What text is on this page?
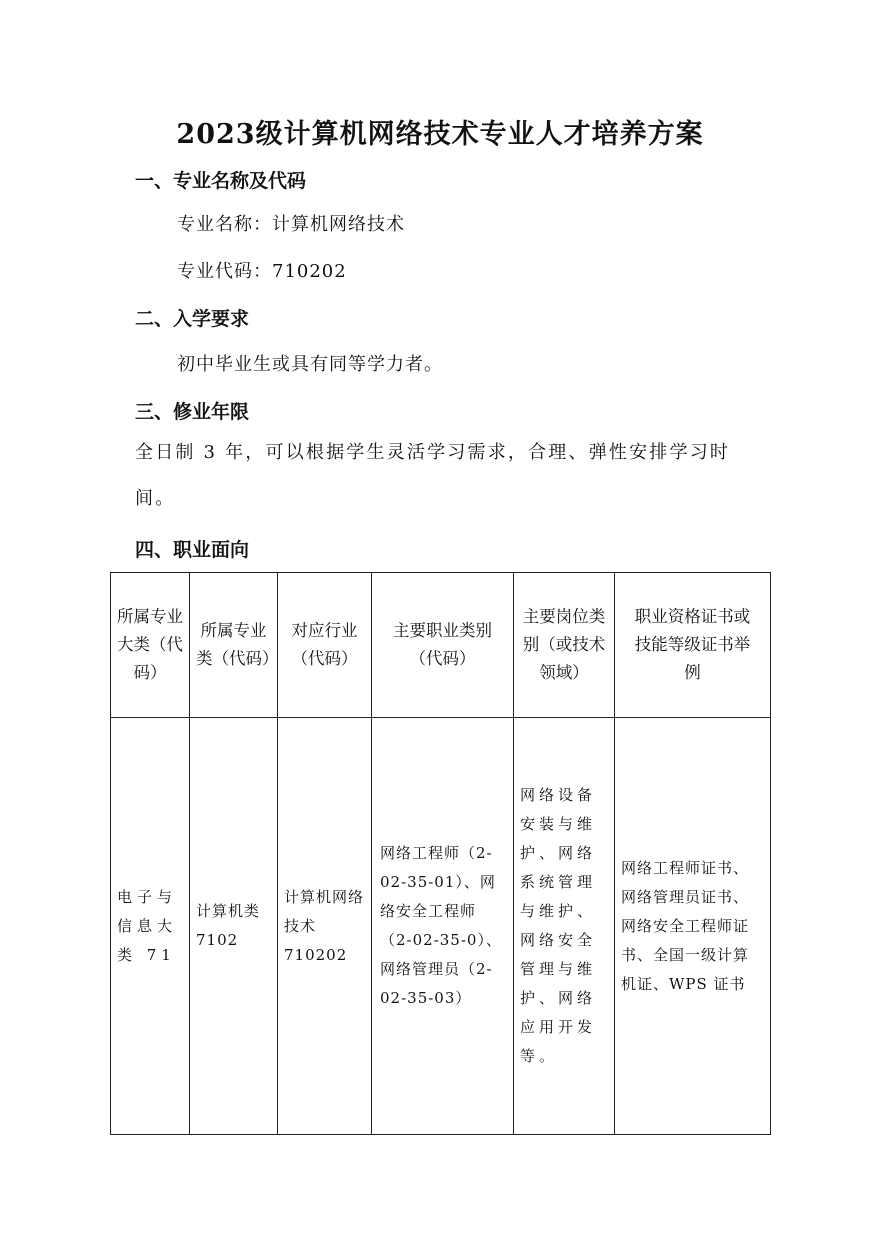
2023级计算机网络技术专业人才培养方案
一、专业名称及代码
专业名称：计算机网络技术
专业代码：710202
二、入学要求
初中毕业生或具有同等学力者。
三、修业年限
全日制 3 年，可以根据学生灵活学习需求，合理、弹性安排学习时间。
四、职业面向
所属专业大类（代码）	所属专业类（代码）	对应行业（代码）	主要职业类别（代码）	主要岗位类别（或技术领域）	职业资格证书或技能等级证书举例
电子与信息大类 71	计算机类 7102	计算机网络技术 710202	网络工程师（2-02-35-01）、网络安全工程师（2-02-35-0）、网络管理员（2-02-35-03）	网络设备安装与维护、网络系统管理与维护、网络安全管理与维护、网络应用开发等。	网络工程师证书、网络管理员证书、网络安全工程师证书、全国一级计算机证、WPS 证书
